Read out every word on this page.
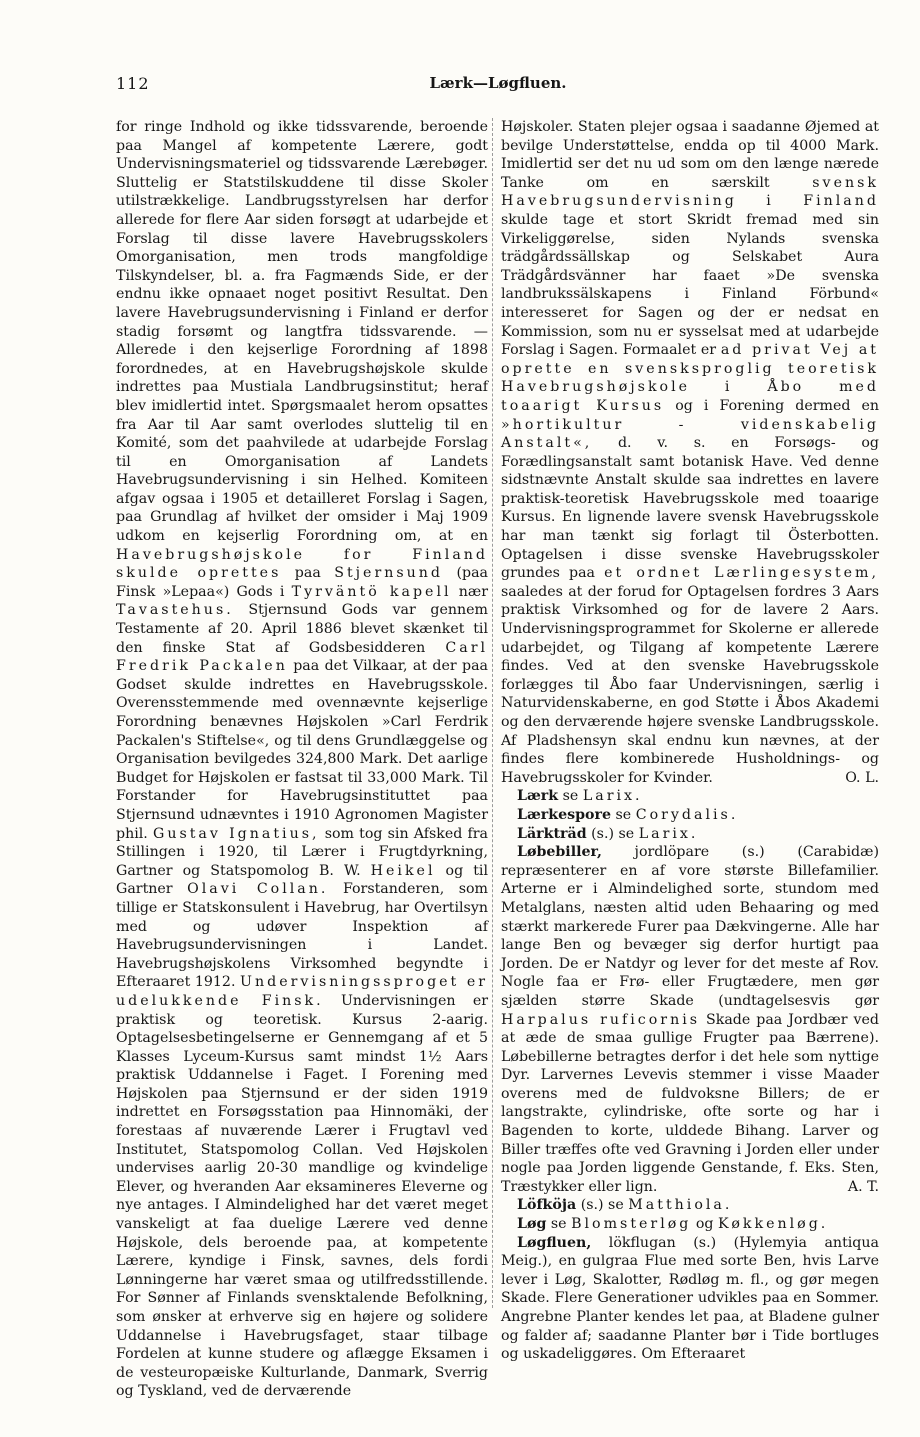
112	Lærk—Løgfluen.

for ringe Indhold og ikke tidssvarende, beroende paa Mangel af kompetente Lærere, godt Undervisningsmateriel og tidssvarende Lærebøger. Sluttelig er Statstilskuddene til disse Skoler utilstrækkelige. Landbrugsstyrelsen har derfor allerede for flere Aar siden forsøgt at udarbejde et Forslag til disse lavere Havebrugsskolers Omorganisation, men trods mangfoldige Tilskyndelser, bl. a. fra Fagmænds Side, er der endnu ikke opnaaet noget positivt Resultat. Den lavere Havebrugsundervisning i Finland er derfor stadig forsømt og langtfra tidssvarende. — Allerede i den kejserlige Forordning af 1898 forordnedes, at en Havebrugshøjskole skulde indrettes paa Mustiala Landbrugsinstitut; heraf blev imidlertid intet. Spørgsmaalet herom opsattes fra Aar til Aar samt overlodes sluttelig til en Komité, som det paahvilede at udarbejde Forslag til en Omorganisation af Landets Havebrugsundervisning i sin Helhed. Komiteen afgav ogsaa i 1905 et detailleret Forslag i Sagen, paa Grundlag af hvilket der omsider i Maj 1909 udkom en kejserlig Forordning om, at en Havebrugshøjskole for Finland skulde oprettes paa Stjernsund (paa Finsk »Lepaa«) Gods i Tyrväntö kapell nær Tavastehus. Stjernsund Gods var gennem Testamente af 20. April 1886 blevet skænket til den finske Stat af Godsbesidderen Carl Fredrik Packalen paa det Vilkaar, at der paa Godset skulde indrettes en Havebrugsskole. Overensstemmende med ovennævnte kejserlige Forordning benævnes Højskolen »Carl Ferdrik Packalen's Stiftelse«, og til dens Grundlæggelse og Organisation bevilgedes 324,800 Mark. Det aarlige Budget for Højskolen er fastsat til 33,000 Mark. Til Forstander for Havebrugsinstituttet paa Stjernsund udnævntes i 1910 Agronomen Magister phil. Gustav Ignatius, som tog sin Afsked fra Stillingen i 1920, til Lærer i Frugtdyrkning, Gartner og Statspomolog B. W. Heikel og til Gartner Olavi Collan. Forstanderen, som tillige er Statskonsulent i Havebrug, har Overtilsyn med og udøver Inspektion af Havebrugsundervisningen i Landet. Havebrugshøjskolens Virksomhed begyndte i Efteraaret 1912. Undervisningssproget er udelukkende Finsk. Undervisningen er praktisk og teoretisk. Kursus 2-aarig. Optagelsesbetingelserne er Gennemgang af et 5 Klasses Lyceum-Kursus samt mindst 1½ Aars praktisk Uddannelse i Faget. I Forening med Højskolen paa Stjernsund er der siden 1919 indrettet en Forsøgsstation paa Hinnomäki, der forestaas af nuværende Lærer i Frugtavl ved Institutet, Statspomolog Collan. Ved Højskolen undervises aarlig 20-30 mandlige og kvindelige Elever, og hveranden Aar eksamineres Eleverne og nye antages. I Almindelighed har det været meget vanskeligt at faa duelige Lærere ved denne Højskole, dels beroende paa, at kompetente Lærere, kyndige i Finsk, savnes, dels fordi Lønningerne har været smaa og utilfredsstillende. For Sønner af Finlands svensktalende Befolkning, som ønsker at erhverve sig en højere og solidere Uddannelse i Havebrugsfaget, staar tilbage Fordelen at kunne studere og aflægge Eksamen i de vesteuropæiske Kulturlande, Danmark, Sverrig og Tyskland, ved de derværende

Højskoler. Staten plejer ogsaa i saadanne Øjemed at bevilge Understøttelse, endda op til 4000 Mark. Imidlertid ser det nu ud som om den længe nærede Tanke om en særskilt	svensk Havebrugsundervisning i Finland skulde tage et stort Skridt fremad med sin Virkeliggørelse, siden Nylands svenska trädgårdssällskap og Selskabet Aura Trädgårdsvänner har faaet »De svenska landbrukssälskapens i Finland Förbund« interesseret for Sagen og der er nedsat en Kommission, som nu er sysselsat med at udarbejde Forslag i Sagen. Formaalet er ad privat Vej at oprette en svensksproglig teoretisk Havebrugshøjskole i Åbo med toaarigt Kursus og i Forening dermed en »hortikultur - videnskabelig Anstalt«, d. v. s. en Forsøgs- og Forædlingsanstalt samt botanisk Have. Ved denne sidstnævnte Anstalt skulde saa indrettes en lavere praktisk-teoretisk Havebrugsskole med toaarige Kursus. En lignende lavere svensk Havebrugsskole har man tænkt sig forlagt til Österbotten. Optagelsen i disse svenske Havebrugsskoler grundes paa et ordnet Lærlingesystem, saaledes at der forud for Optagelsen fordres 3 Aars praktisk Virksomhed og for de lavere 2 Aars. Undervisningsprogrammet for Skolerne er allerede udarbejdet, og Tilgang af kompetente Lærere findes. Ved at den svenske Havebrugsskole forlægges til Åbo faar Undervisningen, særlig i Naturvidenskaberne, en god Støtte i Åbos Akademi og den derværende højere svenske Landbrugsskole. Af Pladshensyn skal endnu kun nævnes, at der findes flere kombinerede Husholdnings- og Havebrugsskoler for Kvinder.	O. L.

Lærk se Larix.

Lærkespore se Corydalis.

Lärkträd (s.) se Larix.

Løbebiller, jordlöpare (s.) (Carabidæ) repræsenterer en af vore største Billefamilier. Arterne er i Almindelighed sorte, stundom med Metalglans, næsten altid uden Behaaring og med stærkt markerede Furer paa Dækvingerne. Alle har lange Ben og bevæger sig derfor hurtigt paa Jorden. De er Natdyr og lever for det meste af Rov. Nogle faa er Frø- eller Frugtædere, men gør sjælden større Skade (undtagelsesvis gør Harpalus ruficornis Skade paa Jordbær ved at æde de smaa gullige Frugter paa Bærrene). Løbebillerne betragtes derfor i det hele som nyttige Dyr. Larvernes Levevis stemmer i visse Maader overens med de fuldvoksne Billers; de er langstrakte, cylindriske, ofte sorte og har i Bagenden to korte, ulddede Bihang. Larver og Biller træffes ofte ved Gravning i Jorden eller under nogle paa Jorden liggende Genstande, f. Eks. Sten, Træstykker eller lign.	A. T.

Löfköja (s.) se Matthiola.

Løg se Blomsterløg og Køkkenløg.

Løgfluen, lökflugan (s.) (Hylemyia antiqua Meig.), en gulgraa Flue med sorte Ben, hvis Larve lever i Løg, Skalotter, Rødløg m. fl., og gør megen Skade. Flere Generationer udvikles paa en Sommer. Angrebne Planter kendes let paa, at Bladene gulner og falder af; saadanne Planter bør i Tide bortluges og uskadeliggøres. Om Efteraaret
